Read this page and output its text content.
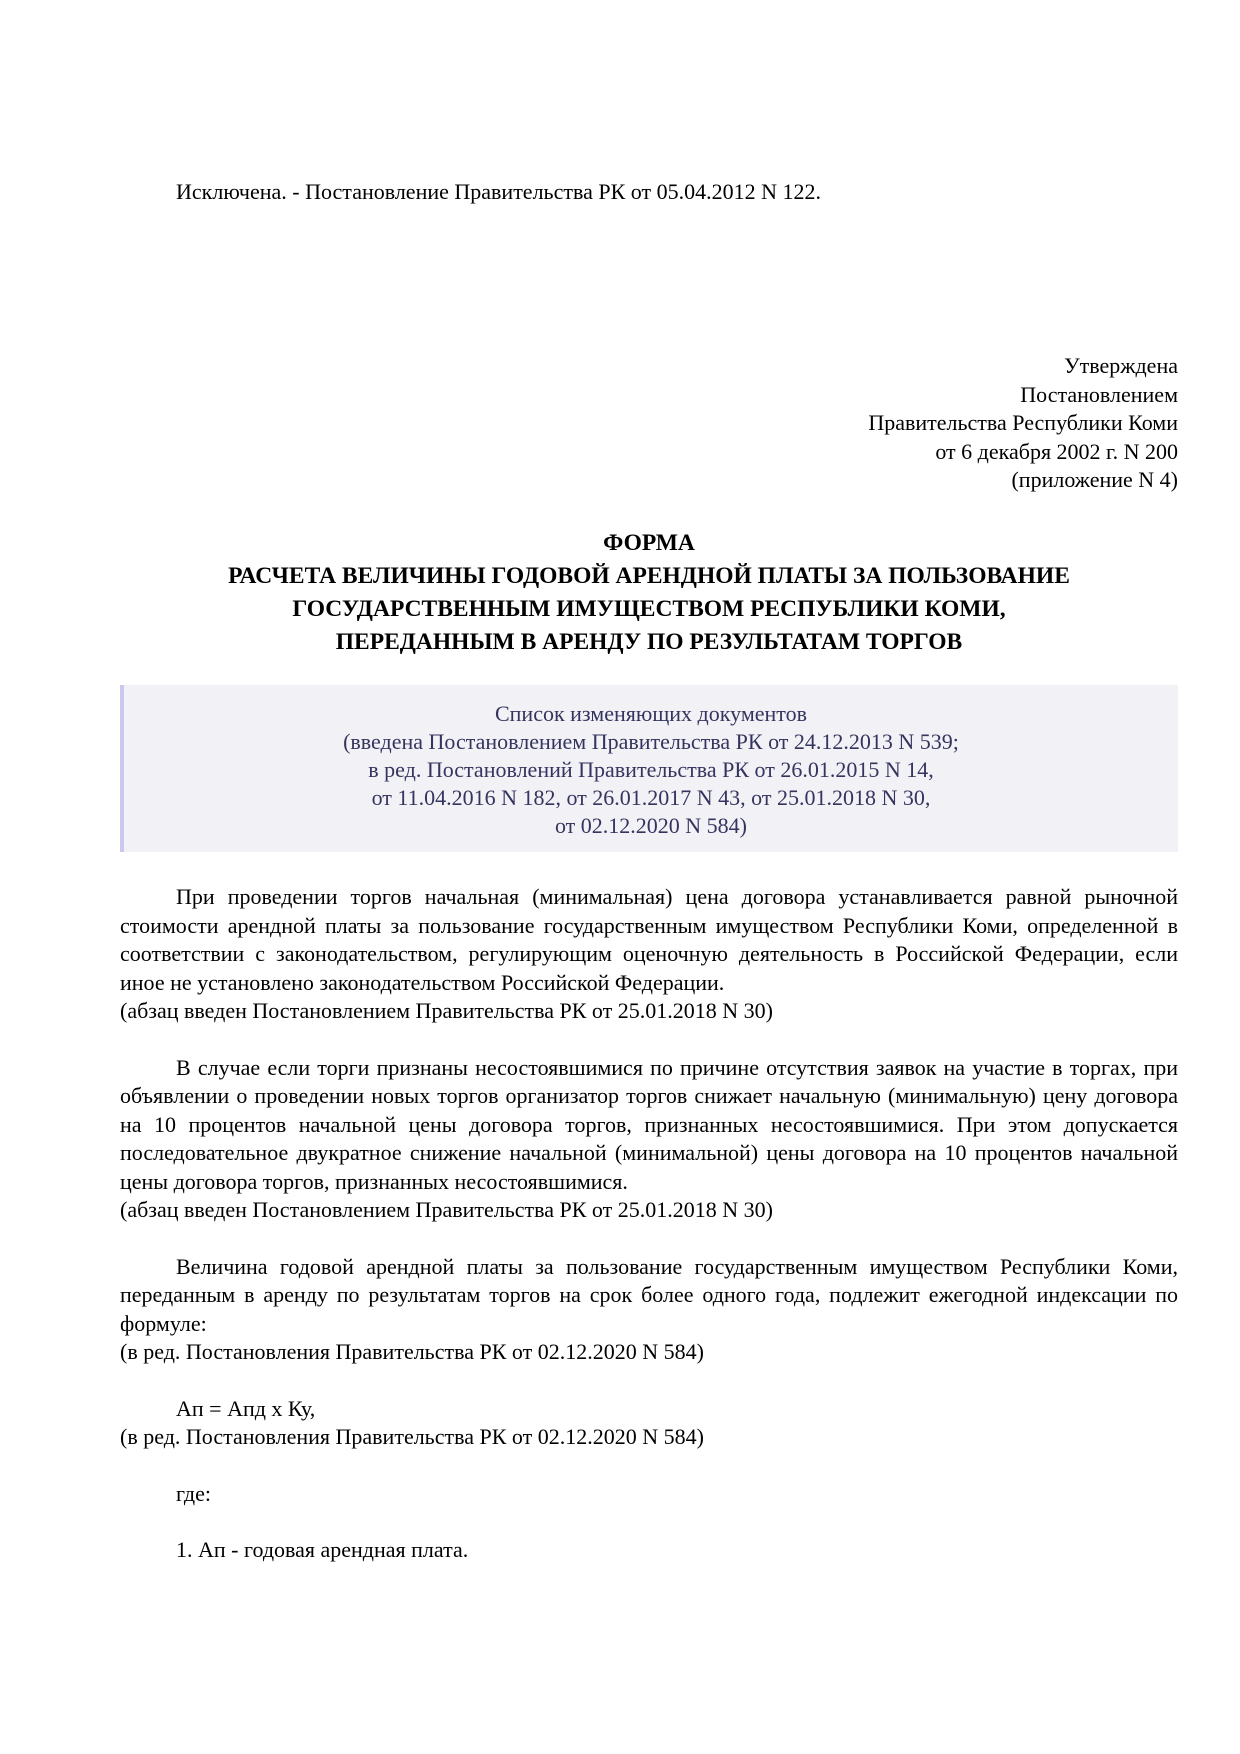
Исключена. - Постановление Правительства РК от 05.04.2012 N 122.

Утверждена

Постановлением

Правительства Республики Коми

от 6 декабря 2002 г. N 200

(приложение N 4)

ФОРМА

РАСЧЕТА ВЕЛИЧИНЫ ГОДОВОЙ АРЕНДНОЙ ПЛАТЫ ЗА ПОЛЬЗОВАНИЕ

ГОСУДАРСТВЕННЫМ ИМУЩЕСТВОМ РЕСПУБЛИКИ КОМИ,

ПЕРЕДАННЫМ В АРЕНДУ ПО РЕЗУЛЬТАТАМ ТОРГОВ

Список изменяющих документов

(введена Постановлением Правительства РК от 24.12.2013 N 539;

в ред. Постановлений Правительства РК от 26.01.2015 N 14,

от 11.04.2016 N 182, от 26.01.2017 N 43, от 25.01.2018 N 30,

от 02.12.2020 N 584)

При проведении торгов начальная (минимальная) цена договора устанавливается равной рыночной стоимости арендной платы за пользование государственным имуществом Республики Коми, определенной в соответствии с законодательством, регулирующим оценочную деятельность в Российской Федерации, если иное не установлено законодательством Российской Федерации.

(абзац введен Постановлением Правительства РК от 25.01.2018 N 30)

В случае если торги признаны несостоявшимися по причине отсутствия заявок на участие в торгах, при объявлении о проведении новых торгов организатор торгов снижает начальную (минимальную) цену договора на 10 процентов начальной цены договора торгов, признанных несостоявшимися. При этом допускается последовательное двукратное снижение начальной (минимальной) цены договора на 10 процентов начальной цены договора торгов, признанных несостоявшимися.

(абзац введен Постановлением Правительства РК от 25.01.2018 N 30)

Величина годовой арендной платы за пользование государственным имуществом Республики Коми, переданным в аренду по результатам торгов на срок более одного года, подлежит ежегодной индексации по формуле:

(в ред. Постановления Правительства РК от 02.12.2020 N 584)

Ап = Апд x Ку,

(в ред. Постановления Правительства РК от 02.12.2020 N 584)

где:

1. Ап - годовая арендная плата.
